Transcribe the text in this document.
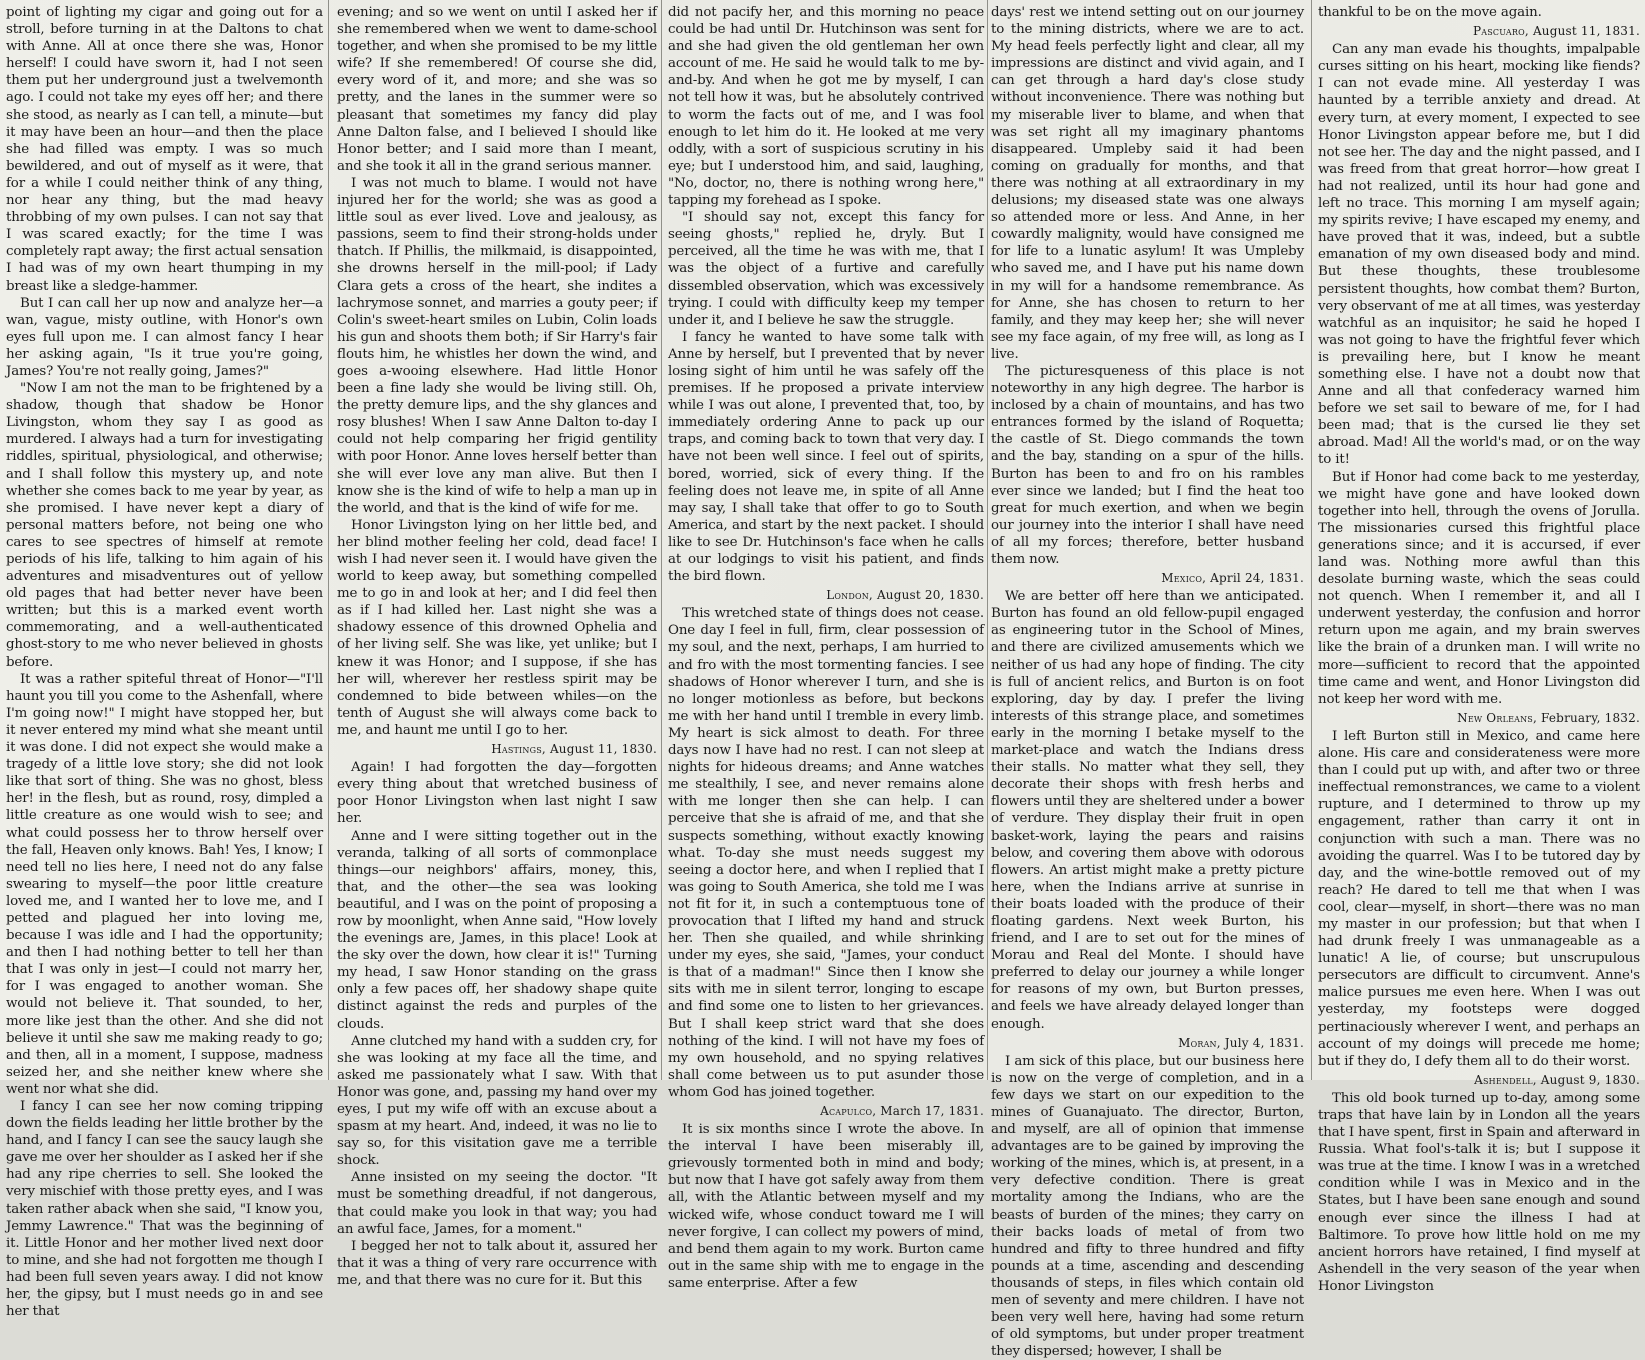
point of lighting my cigar and going out for a stroll, before turning in at the Daltons to chat with Anne. All at once there she was, Honor herself! I could have sworn it, had I not seen them put her underground just a twelvemonth ago. I could not take my eyes off her; and there she stood, as nearly as I can tell, a minute—but it may have been an hour—and then the place she had filled was empty. I was so much bewildered, and out of myself as it were, that for a while I could neither think of any thing, nor hear any thing, but the mad heavy throbbing of my own pulses. I can not say that I was scared exactly; for the time I was completely rapt away; the first actual sensation I had was of my own heart thumping in my breast like a sledge-hammer.

But I can call her up now and analyze her—a wan, vague, misty outline, with Honor's own eyes full upon me. I can almost fancy I hear her asking again, "Is it true you're going, James? You're not really going, James?"

"Now I am not the man to be frightened by a shadow, though that shadow be Honor Livingston, whom they say I as good as murdered. I always had a turn for investigating riddles, spiritual, physiological, and otherwise; and I shall follow this mystery up, and note whether she comes back to me year by year, as she promised. I have never kept a diary of personal matters before, not being one who cares to see spectres of himself at remote periods of his life, talking to him again of his adventures and misadventures out of yellow old pages that had better never have been written; but this is a marked event worth commemorating, and a well-authenticated ghost-story to me who never believed in ghosts before.

It was a rather spiteful threat of Honor—"I'll haunt you till you come to the Ashenfall, where I'm going now!" I might have stopped her, but it never entered my mind what she meant until it was done. I did not expect she would make a tragedy of a little love story; she did not look like that sort of thing. She was no ghost, bless her! in the flesh, but as round, rosy, dimpled a little creature as one would wish to see; and what could possess her to throw herself over the fall, Heaven only knows. Bah! Yes, I know; I need tell no lies here, I need not do any false swearing to myself—the poor little creature loved me, and I wanted her to love me, and I petted and plagued her into loving me, because I was idle and I had the opportunity; and then I had nothing better to tell her than that I was only in jest—I could not marry her, for I was engaged to another woman. She would not believe it. That sounded, to her, more like jest than the other. And she did not believe it until she saw me making ready to go; and then, all in a moment, I suppose, madness seized her, and she neither knew where she went nor what she did.

I fancy I can see her now coming tripping down the fields leading her little brother by the hand, and I fancy I can see the saucy laugh she gave me over her shoulder as I asked her if she had any ripe cherries to sell. She looked the very mischief with those pretty eyes, and I was taken rather aback when she said, "I know you, Jemmy Lawrence." That was the beginning of it. Little Honor and her mother lived next door to mine, and she had not forgotten me though I had been full seven years away. I did not know her, the gipsy, but I must needs go in and see her that

evening; and so we went on until I asked her if she remembered when we went to dame-school together, and when she promised to be my little wife? If she remembered! Of course she did, every word of it, and more; and she was so pretty, and the lanes in the summer were so pleasant that sometimes my fancy did play Anne Dalton false, and I believed I should like Honor better; and I said more than I meant, and she took it all in the grand serious manner.

I was not much to blame. I would not have injured her for the world; she was as good a little soul as ever lived. Love and jealousy, as passions, seem to find their strong-holds under thatch. If Phillis, the milkmaid, is disappointed, she drowns herself in the mill-pool; if Lady Clara gets a cross of the heart, she indites a lachrymose sonnet, and marries a gouty peer; if Colin's sweet-heart smiles on Lubin, Colin loads his gun and shoots them both; if Sir Harry's fair flouts him, he whistles her down the wind, and goes a-wooing elsewhere. Had little Honor been a fine lady she would be living still. Oh, the pretty demure lips, and the shy glances and rosy blushes! When I saw Anne Dalton to-day I could not help comparing her frigid gentility with poor Honor. Anne loves herself better than she will ever love any man alive. But then I know she is the kind of wife to help a man up in the world, and that is the kind of wife for me.

Honor Livingston lying on her little bed, and her blind mother feeling her cold, dead face! I wish I had never seen it. I would have given the world to keep away, but something compelled me to go in and look at her; and I did feel then as if I had killed her. Last night she was a shadowy essence of this drowned Ophelia and of her living self. She was like, yet unlike; but I knew it was Honor; and I suppose, if she has her will, wherever her restless spirit may be condemned to bide between whiles—on the tenth of August she will always come back to me, and haunt me until I go to her.

Hastings, August 11, 1830.

Again! I had forgotten the day—forgotten every thing about that wretched business of poor Honor Livingston when last night I saw her.

Anne and I were sitting together out in the veranda, talking of all sorts of commonplace things—our neighbors' affairs, money, this, that, and the other—the sea was looking beautiful, and I was on the point of proposing a row by moonlight, when Anne said, "How lovely the evenings are, James, in this place! Look at the sky over the down, how clear it is!" Turning my head, I saw Honor standing on the grass only a few paces off, her shadowy shape quite distinct against the reds and purples of the clouds.

Anne clutched my hand with a sudden cry, for she was looking at my face all the time, and asked me passionately what I saw. With that Honor was gone, and, passing my hand over my eyes, I put my wife off with an excuse about a spasm at my heart. And, indeed, it was no lie to say so, for this visitation gave me a terrible shock.

Anne insisted on my seeing the doctor. "It must be something dreadful, if not dangerous, that could make you look in that way; you had an awful face, James, for a moment."

I begged her not to talk about it, assured her that it was a thing of very rare occurrence with me, and that there was no cure for it. But this

did not pacify her, and this morning no peace could be had until Dr. Hutchinson was sent for and she had given the old gentleman her own account of me. He said he would talk to me by-and-by. And when he got me by myself, I can not tell how it was, but he absolutely contrived to worm the facts out of me, and I was fool enough to let him do it. He looked at me very oddly, with a sort of suspicious scrutiny in his eye; but I understood him, and said, laughing, "No, doctor, no, there is nothing wrong here," tapping my forehead as I spoke.

"I should say not, except this fancy for seeing ghosts," replied he, dryly. But I perceived, all the time he was with me, that I was the object of a furtive and carefully dissembled observation, which was excessively trying. I could with difficulty keep my temper under it, and I believe he saw the struggle.

I fancy he wanted to have some talk with Anne by herself, but I prevented that by never losing sight of him until he was safely off the premises. If he proposed a private interview while I was out alone, I prevented that, too, by immediately ordering Anne to pack up our traps, and coming back to town that very day. I have not been well since. I feel out of spirits, bored, worried, sick of every thing. If the feeling does not leave me, in spite of all Anne may say, I shall take that offer to go to South America, and start by the next packet. I should like to see Dr. Hutchinson's face when he calls at our lodgings to visit his patient, and finds the bird flown.

London, August 20, 1830.

This wretched state of things does not cease. One day I feel in full, firm, clear possession of my soul, and the next, perhaps, I am hurried to and fro with the most tormenting fancies. I see shadows of Honor wherever I turn, and she is no longer motionless as before, but beckons me with her hand until I tremble in every limb. My heart is sick almost to death. For three days now I have had no rest. I can not sleep at nights for hideous dreams; and Anne watches me stealthily, I see, and never remains alone with me longer then she can help. I can perceive that she is afraid of me, and that she suspects something, without exactly knowing what. To-day she must needs suggest my seeing a doctor here, and when I replied that I was going to South America, she told me I was not fit for it, in such a contemptuous tone of provocation that I lifted my hand and struck her. Then she quailed, and while shrinking under my eyes, she said, "James, your conduct is that of a madman!" Since then I know she sits with me in silent terror, longing to escape and find some one to listen to her grievances. But I shall keep strict ward that she does nothing of the kind. I will not have my foes of my own household, and no spying relatives shall come between us to put asunder those whom God has joined together.

Acapulco, March 17, 1831.

It is six months since I wrote the above. In the interval I have been miserably ill, grievously tormented both in mind and body; but now that I have got safely away from them all, with the Atlantic between myself and my wicked wife, whose conduct toward me I will never forgive, I can collect my powers of mind, and bend them again to my work. Burton came out in the same ship with me to engage in the same enterprise. After a few

days' rest we intend setting out on our journey to the mining districts, where we are to act. My head feels perfectly light and clear, all my impressions are distinct and vivid again, and I can get through a hard day's close study without inconvenience. There was nothing but my miserable liver to blame, and when that was set right all my imaginary phantoms disappeared. Umpleby said it had been coming on gradually for months, and that there was nothing at all extraordinary in my delusions; my diseased state was one always so attended more or less. And Anne, in her cowardly malignity, would have consigned me for life to a lunatic asylum! It was Umpleby who saved me, and I have put his name down in my will for a handsome remembrance. As for Anne, she has chosen to return to her family, and they may keep her; she will never see my face again, of my free will, as long as I live.

The picturesqueness of this place is not noteworthy in any high degree. The harbor is inclosed by a chain of mountains, and has two entrances formed by the island of Roquetta; the castle of St. Diego commands the town and the bay, standing on a spur of the hills. Burton has been to and fro on his rambles ever since we landed; but I find the heat too great for much exertion, and when we begin our journey into the interior I shall have need of all my forces; therefore, better husband them now.

Mexico, April 24, 1831.

We are better off here than we anticipated. Burton has found an old fellow-pupil engaged as engineering tutor in the School of Mines, and there are civilized amusements which we neither of us had any hope of finding. The city is full of ancient relics, and Burton is on foot exploring, day by day. I prefer the living interests of this strange place, and sometimes early in the morning I betake myself to the market-place and watch the Indians dress their stalls. No matter what they sell, they decorate their shops with fresh herbs and flowers until they are sheltered under a bower of verdure. They display their fruit in open basket-work, laying the pears and raisins below, and covering them above with odorous flowers. An artist might make a pretty picture here, when the Indians arrive at sunrise in their boats loaded with the produce of their floating gardens. Next week Burton, his friend, and I are to set out for the mines of Morau and Real del Monte. I should have preferred to delay our journey a while longer for reasons of my own, but Burton presses, and feels we have already delayed longer than enough.

Moran, July 4, 1831.

I am sick of this place, but our business here is now on the verge of completion, and in a few days we start on our expedition to the mines of Guanajuato. The director, Burton, and myself, are all of opinion that immense advantages are to be gained by improving the working of the mines, which is, at present, in a very defective condition. There is great mortality among the Indians, who are the beasts of burden of the mines; they carry on their backs loads of metal of from two hundred and fifty to three hundred and fifty pounds at a time, ascending and descending thousands of steps, in files which contain old men of seventy and mere children. I have not been very well here, having had some return of old symptoms, but under proper treatment they dispersed; however, I shall be

thankful to be on the move again.

Pascuaro, August 11, 1831.

Can any man evade his thoughts, impalpable curses sitting on his heart, mocking like fiends? I can not evade mine. All yesterday I was haunted by a terrible anxiety and dread. At every turn, at every moment, I expected to see Honor Livingston appear before me, but I did not see her. The day and the night passed, and I was freed from that great horror—how great I had not realized, until its hour had gone and left no trace. This morning I am myself again; my spirits revive; I have escaped my enemy, and have proved that it was, indeed, but a subtle emanation of my own diseased body and mind. But these thoughts, these troublesome persistent thoughts, how combat them? Burton, very observant of me at all times, was yesterday watchful as an inquisitor; he said he hoped I was not going to have the frightful fever which is prevailing here, but I know he meant something else. I have not a doubt now that Anne and all that confederacy warned him before we set sail to beware of me, for I had been mad; that is the cursed lie they set abroad. Mad! All the world's mad, or on the way to it!

But if Honor had come back to me yesterday, we might have gone and have looked down together into hell, through the ovens of Jorulla. The missionaries cursed this frightful place generations since; and it is accursed, if ever land was. Nothing more awful than this desolate burning waste, which the seas could not quench. When I remember it, and all I underwent yesterday, the confusion and horror return upon me again, and my brain swerves like the brain of a drunken man. I will write no more—sufficient to record that the appointed time came and went, and Honor Livingston did not keep her word with me.

New Orleans, February, 1832.

I left Burton still in Mexico, and came here alone. His care and considerateness were more than I could put up with, and after two or three ineffectual remonstrances, we came to a violent rupture, and I determined to throw up my engagement, rather than carry it ont in conjunction with such a man. There was no avoiding the quarrel. Was I to be tutored day by day, and the wine-bottle removed out of my reach? He dared to tell me that when I was cool, clear—myself, in short—there was no man my master in our profession; but that when I had drunk freely I was unmanageable as a lunatic! A lie, of course; but unscrupulous persecutors are difficult to circumvent. Anne's malice pursues me even here. When I was out yesterday, my footsteps were dogged pertinaciously wherever I went, and perhaps an account of my doings will precede me home; but if they do, I defy them all to do their worst.

Ashendell, August 9, 1830.

This old book turned up to-day, among some traps that have lain by in London all the years that I have spent, first in Spain and afterward in Russia. What fool's-talk it is; but I suppose it was true at the time. I know I was in a wretched condition while I was in Mexico and in the States, but I have been sane enough and sound enough ever since the illness I had at Baltimore. To prove how little hold on me my ancient horrors have retained, I find myself at Ashendell in the very season of the year when Honor Livingston
